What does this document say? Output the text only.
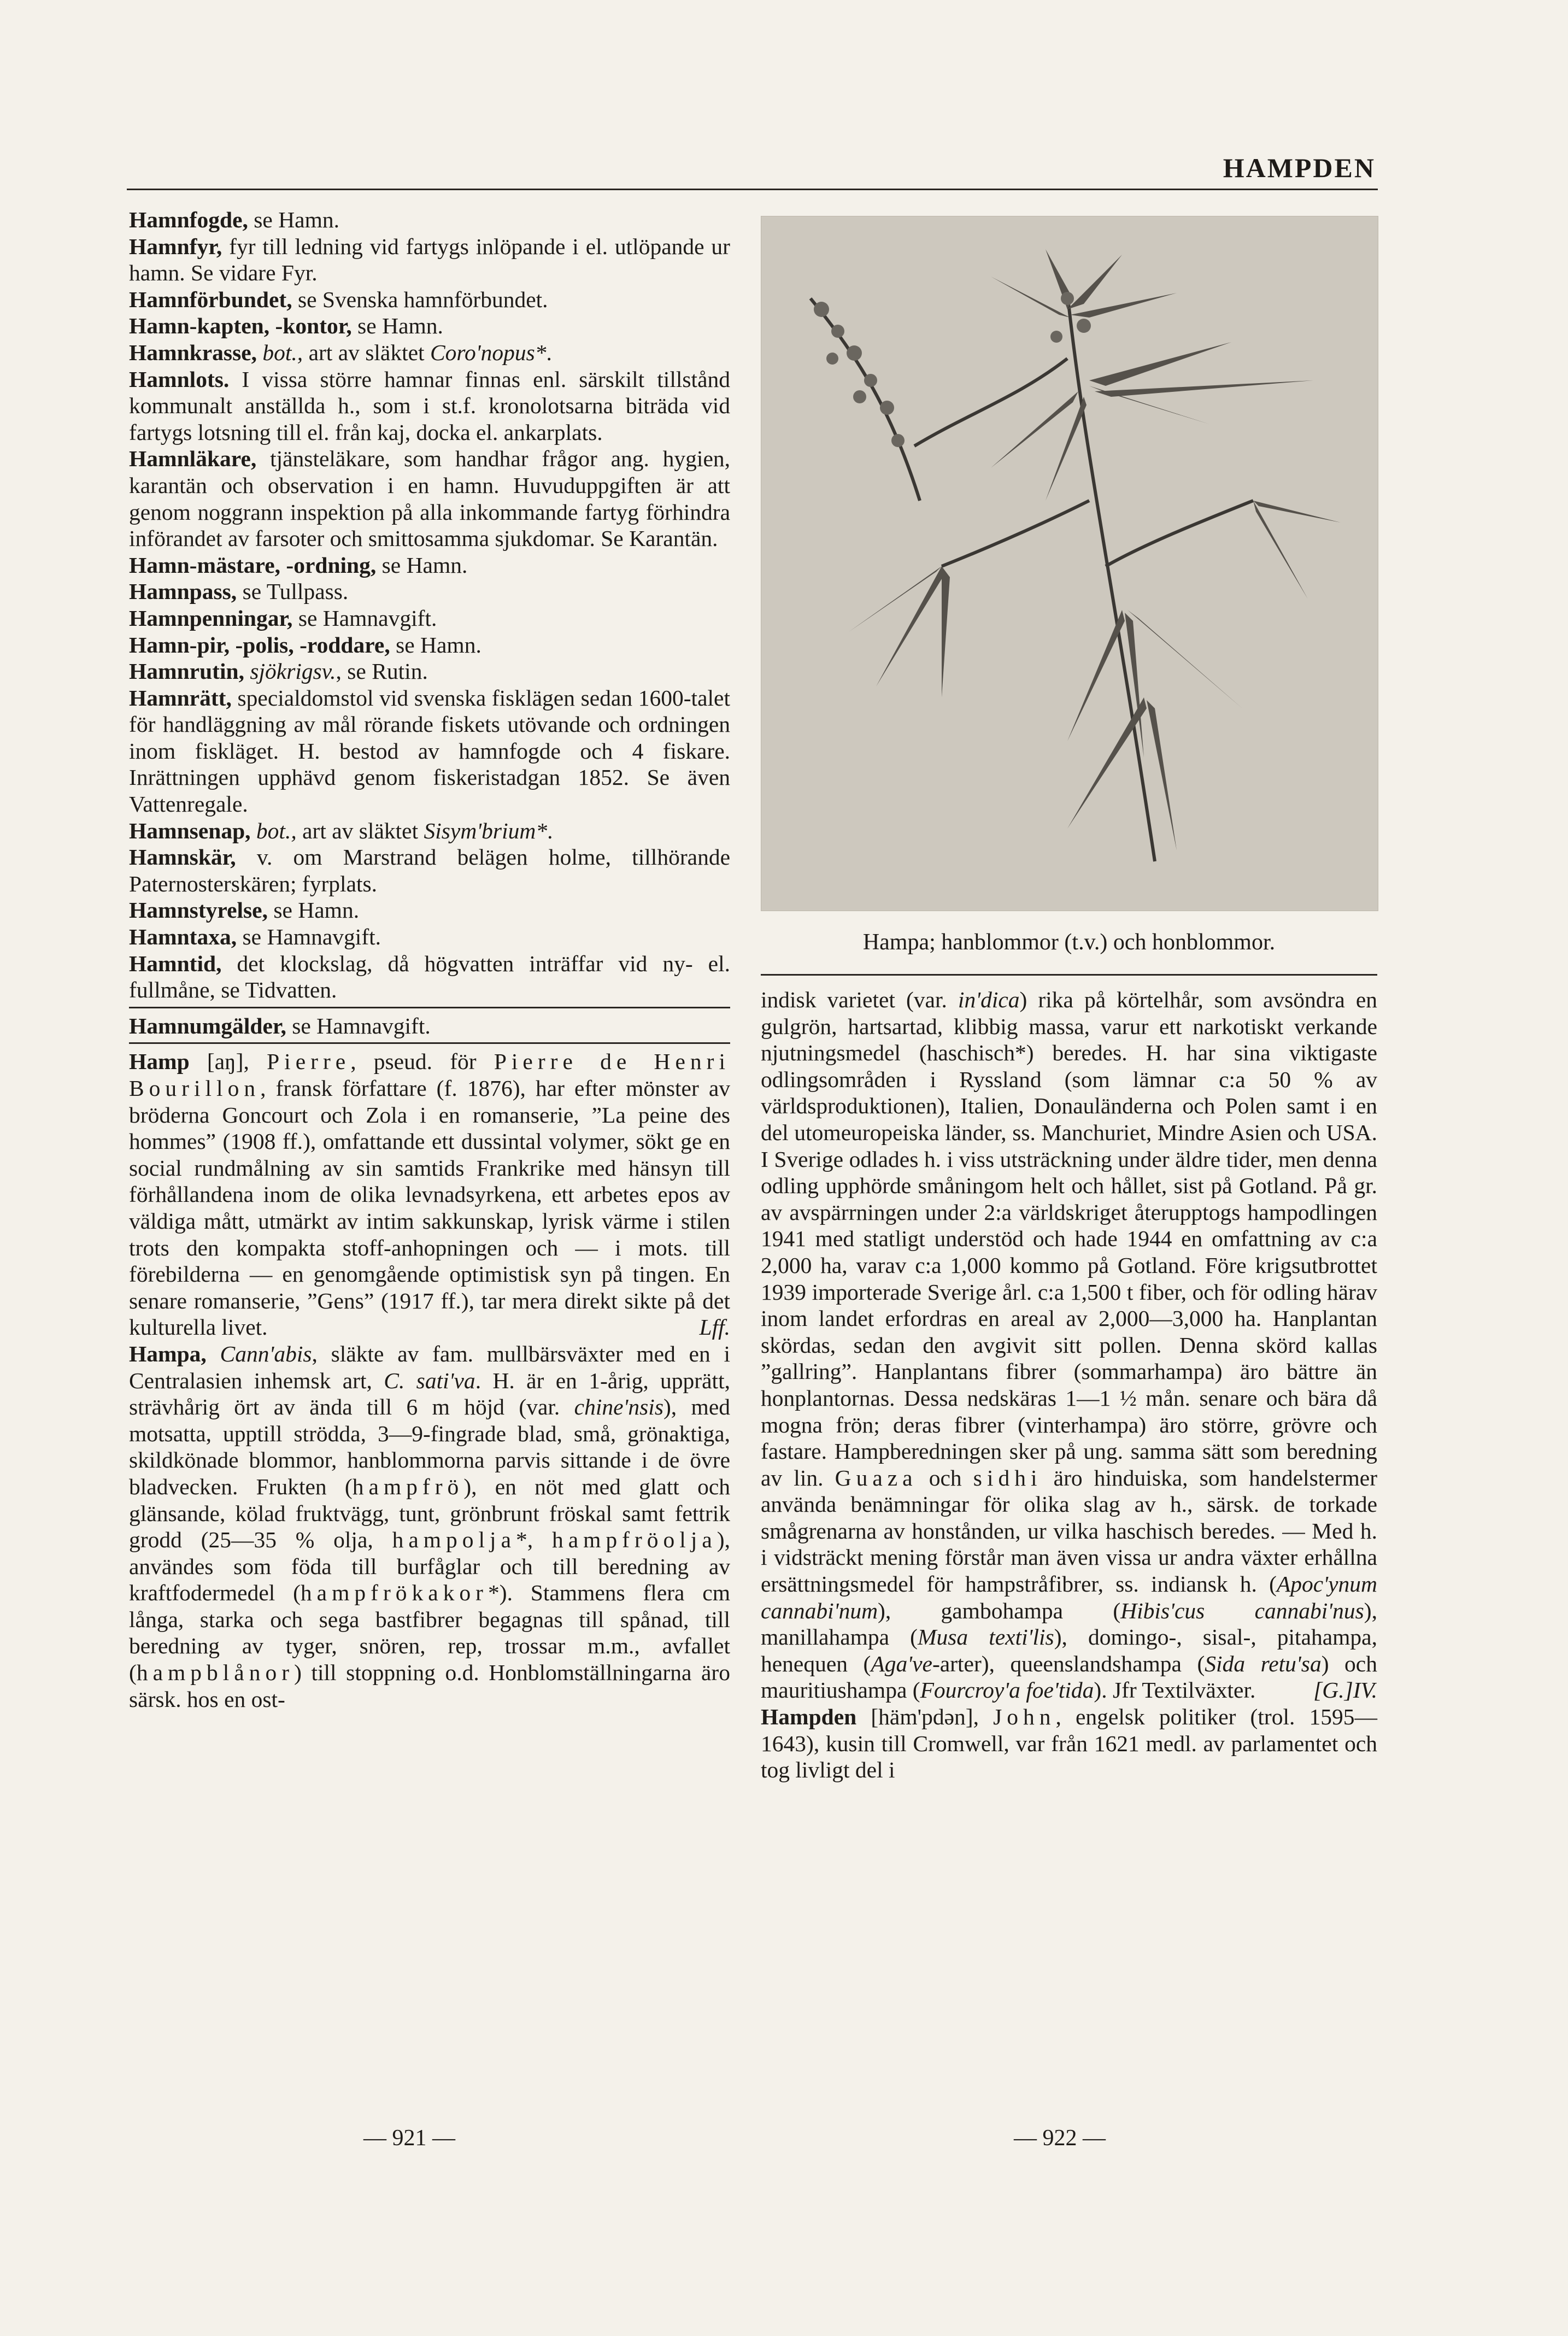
HAMPDEN

Hamnfogde, se Hamn.

Hamnfyr, fyr till ledning vid fartygs inlöpande i el. utlöpande ur hamn. Se vidare Fyr.

Hamnförbundet, se Svenska hamnförbundet.

Hamn-kapten, -kontor, se Hamn.

Hamnkrasse, bot., art av släktet Coro'nopus*.

Hamnlots. I vissa större hamnar finnas enl. särskilt tillstånd kommunalt anställda h., som i st.f. kronolotsarna biträda vid fartygs lotsning till el. från kaj, docka el. ankarplats.

Hamnläkare, tjänsteläkare, som handhar frågor ang. hygien, karantän och observation i en hamn. Huvuduppgiften är att genom noggrann inspektion på alla inkommande fartyg förhindra införandet av farsoter och smittosamma sjukdomar. Se Karantän.

Hamn-mästare, -ordning, se Hamn.

Hamnpass, se Tullpass.

Hamnpenningar, se Hamnavgift.

Hamn-pir, -polis, -roddare, se Hamn.

Hamnrutin, sjökrigsv., se Rutin.

Hamnrätt, specialdomstol vid svenska fisklägen sedan 1600-talet för handläggning av mål rörande fiskets utövande och ordningen inom fiskläget. H. bestod av hamnfogde och 4 fiskare. Inrättningen upphävd genom fiskeristadgan 1852. Se även Vattenregale.

Hamnsenap, bot., art av släktet Sisym'brium*.

Hamnskär, v. om Marstrand belägen holme, tillhörande Paternosterskären; fyrplats.

Hamnstyrelse, se Hamn.

Hamntaxa, se Hamnavgift.

Hamntid, det klockslag, då högvatten inträffar vid ny- el. fullmåne, se Tidvatten.

Hamnumgälder, se Hamnavgift.

Hamp [aŋ], Pierre, pseud. för Pierre de Henri Bourillon, fransk författare (f. 1876), har efter mönster av bröderna Goncourt och Zola i en romanserie, ”La peine des hommes” (1908 ff.), omfattande ett dussintal volymer, sökt ge en social rundmålning av sin samtids Frankrike med hänsyn till förhållandena inom de olika levnadsyrkena, ett arbetes epos av väldiga mått, utmärkt av intim sakkunskap, lyrisk värme i stilen trots den kompakta stoff-anhopningen och — i mots. till förebilderna — en genomgående optimistisk syn på tingen. En senare romanserie, ”Gens” (1917 ff.), tar mera direkt sikte på det kulturella livet.	Lff.

Hampa, Cann'abis, släkte av fam. mullbärsväxter med en i Centralasien inhemsk art, C. sati'va. H. är en 1-årig, upprätt, strävhårig ört av ända till 6 m höjd (var. chine'nsis), med motsatta, upptill strödda, 3—9-fingrade blad, små, grönaktiga, skildkönade blommor, hanblommorna parvis sittande i de övre bladvecken. Frukten (hampfrö), en nöt med glatt och glänsande, kölad fruktvägg, tunt, grönbrunt fröskal samt fettrik grodd (25—35 % olja, hampolja*, hampfröolja), användes som föda till burfåglar och till beredning av kraftfodermedel (hampfrökakor*). Stammens flera cm långa, starka och sega bastfibrer begagnas till spånad, till beredning av tyger, snören, rep, trossar m.m., avfallet (hampblånor) till stoppning o.d. Honblomställningarna äro särsk. hos en ost-

Hampa; hanblommor (t.v.) och honblommor.

indisk varietet (var. in'dica) rika på körtelhår, som avsöndra en gulgrön, hartsartad, klibbig massa, varur ett narkotiskt verkande njutningsmedel (haschisch*) beredes. H. har sina viktigaste odlingsområden i Ryssland (som lämnar c:a 50 % av världsproduktionen), Italien, Donauländerna och Polen samt i en del utomeuropeiska länder, ss. Manchuriet, Mindre Asien och USA. I Sverige odlades h. i viss utsträckning under äldre tider, men denna odling upphörde småningom helt och hållet, sist på Gotland. På gr. av avspärrningen under 2:a världskriget återupptogs hampodlingen 1941 med statligt understöd och hade 1944 en omfattning av c:a 2,000 ha, varav c:a 1,000 kommo på Gotland. Före krigsutbrottet 1939 importerade Sverige årl. c:a 1,500 t fiber, och för odling härav inom landet erfordras en areal av 2,000—3,000 ha. Hanplantan skördas, sedan den avgivit sitt pollen. Denna skörd kallas ”gallring”. Hanplantans fibrer (sommarhampa) äro bättre än honplantornas. Dessa nedskäras 1—1 ½ mån. senare och bära då mogna frön; deras fibrer (vinterhampa) äro större, grövre och fastare. Hampberedningen sker på ung. samma sätt som beredning av lin. Guaza och sidhi äro hinduiska, som handelstermer använda benämningar för olika slag av h., särsk. de torkade smågrenarna av honstånden, ur vilka haschisch beredes. — Med h. i vidsträckt mening förstår man även vissa ur andra växter erhållna ersättningsmedel för hampstråfibrer, ss. indiansk h. (Apoc'ynum cannabi'num), gambohampa (Hibis'cus cannabi'nus), manillahampa (Musa texti'lis), domingo-, sisal-, pitahampa, henequen (Aga've-arter), queenslandshampa (Sida retu'sa) och mauritiushampa (Fourcroy'a foe'tida). Jfr Textilväxter.	[G.]IV.

Hampden [häm'pdən], John, engelsk politiker (trol. 1595—1643), kusin till Cromwell, var från 1621 medl. av parlamentet och tog livligt del i

— 921 —	— 922 —
